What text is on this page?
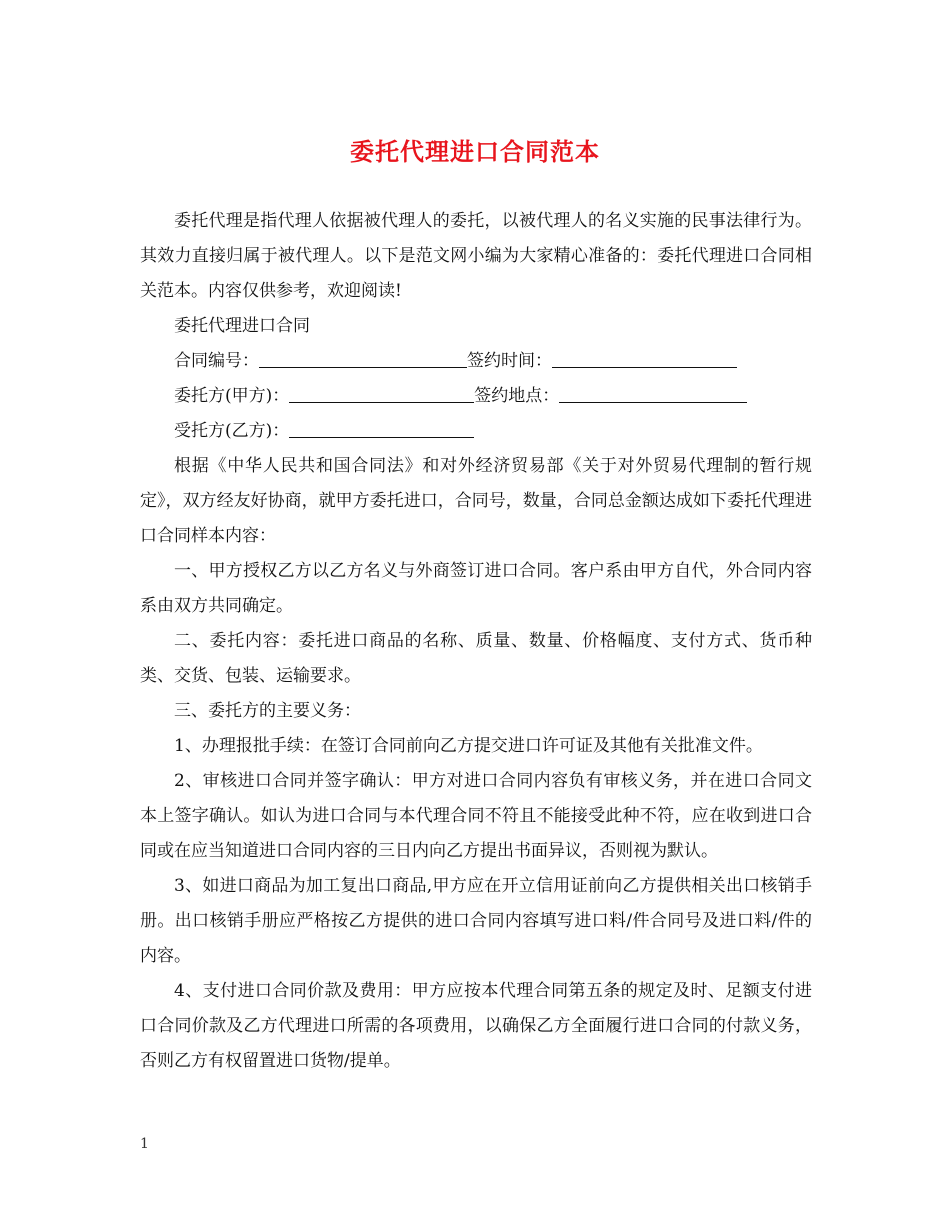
委托代理进口合同范本

委托代理是指代理人依据被代理人的委托，以被代理人的名义实施的民事法律行为。其效力直接归属于被代理人。以下是范文网小编为大家精心准备的：委托代理进口合同相关范本。内容仅供参考，欢迎阅读!

委托代理进口合同

合同编号：	签约时间：
委托方(甲方)：	签约地点：
受托方(乙方)：

根据《中华人民共和国合同法》和对外经济贸易部《关于对外贸易代理制的暂行规定》，双方经友好协商，就甲方委托进口，合同号，数量，合同总金额达成如下委托代理进口合同样本内容：

一、甲方授权乙方以乙方名义与外商签订进口合同。客户系由甲方自代，外合同内容系由双方共同确定。

二、委托内容：委托进口商品的名称、质量、数量、价格幅度、支付方式、货币种类、交货、包装、运输要求。

三、委托方的主要义务：

1、办理报批手续：在签订合同前向乙方提交进口许可证及其他有关批准文件。

2、审核进口合同并签字确认：甲方对进口合同内容负有审核义务，并在进口合同文本上签字确认。如认为进口合同与本代理合同不符且不能接受此种不符，应在收到进口合同或在应当知道进口合同内容的三日内向乙方提出书面异议，否则视为默认。

3、如进口商品为加工复出口商品,甲方应在开立信用证前向乙方提供相关出口核销手册。出口核销手册应严格按乙方提供的进口合同内容填写进口料/件合同号及进口料/件的内容。

4、支付进口合同价款及费用：甲方应按本代理合同第五条的规定及时、足额支付进口合同价款及乙方代理进口所需的各项费用，以确保乙方全面履行进口合同的付款义务，否则乙方有权留置进口货物/提单。

1
